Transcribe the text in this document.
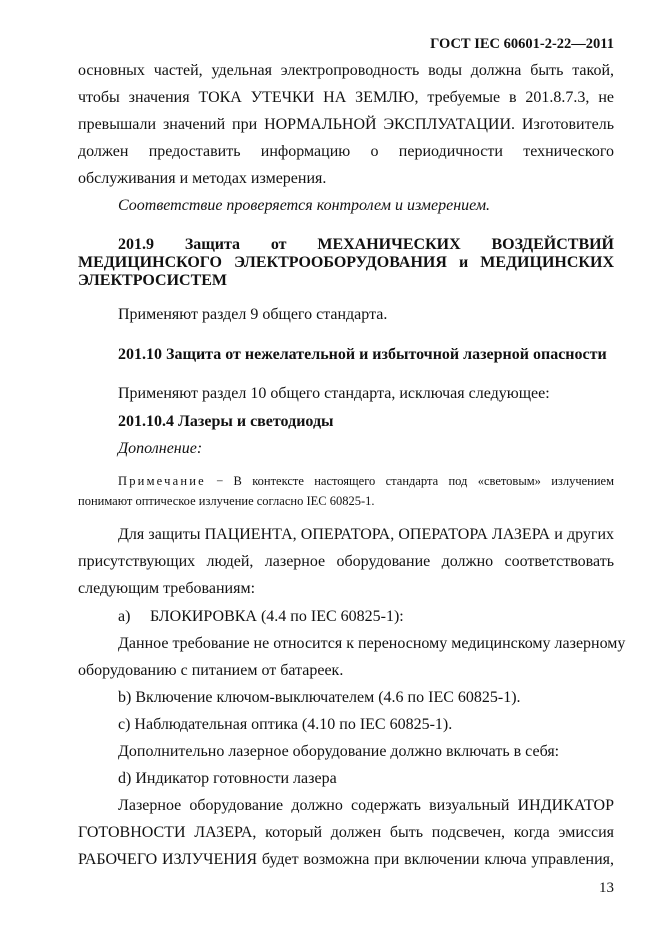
ГОСТ IEC 60601-2-22—2011
основных частей, удельная электропроводность воды должна быть такой,
чтобы значения ТОКА УТЕЧКИ НА ЗЕМЛЮ, требуемые в 201.8.7.3, не
превышали значений при НОРМАЛЬНОЙ ЭКСПЛУАТАЦИИ. Изготовитель
должен предоставить информацию о периодичности технического
обслуживания и методах измерения.
Соответствие проверяется контролем и измерением.
201.9 Защита от МЕХАНИЧЕСКИХ ВОЗДЕЙСТВИЙ
МЕДИЦИНСКОГО ЭЛЕКТРООБОРУДОВАНИЯ и МЕДИЦИНСКИХ
ЭЛЕКТРОСИСТЕМ
Применяют раздел 9 общего стандарта.
201.10 Защита от нежелательной и избыточной лазерной опасности
Применяют раздел 10 общего стандарта, исключая следующее:
201.10.4 Лазеры и светодиоды
Дополнение:
Примечание − В контексте настоящего стандарта под «световым» излучением
понимают оптическое излучение согласно IEC 60825-1.
Для защиты ПАЦИЕНТА, ОПЕРАТОРА, ОПЕРАТОРА ЛАЗЕРА и других
присутствующих людей, лазерное оборудование должно соответствовать
следующим требованиям:
a) БЛОКИРОВКА (4.4 по IEC 60825-1):
Данное требование не относится к переносному медицинскому лазерному
оборудованию с питанием от батареек.
b) Включение ключом-выключателем (4.6 по IEC 60825-1).
c) Наблюдательная оптика (4.10 по IEC 60825-1).
Дополнительно лазерное оборудование должно включать в себя:
d) Индикатор готовности лазера
Лазерное оборудование должно содержать визуальный ИНДИКАТОР
ГОТОВНОСТИ ЛАЗЕРА, который должен быть подсвечен, когда эмиссия
РАБОЧЕГО ИЗЛУЧЕНИЯ будет возможна при включении ключа управления,
13
